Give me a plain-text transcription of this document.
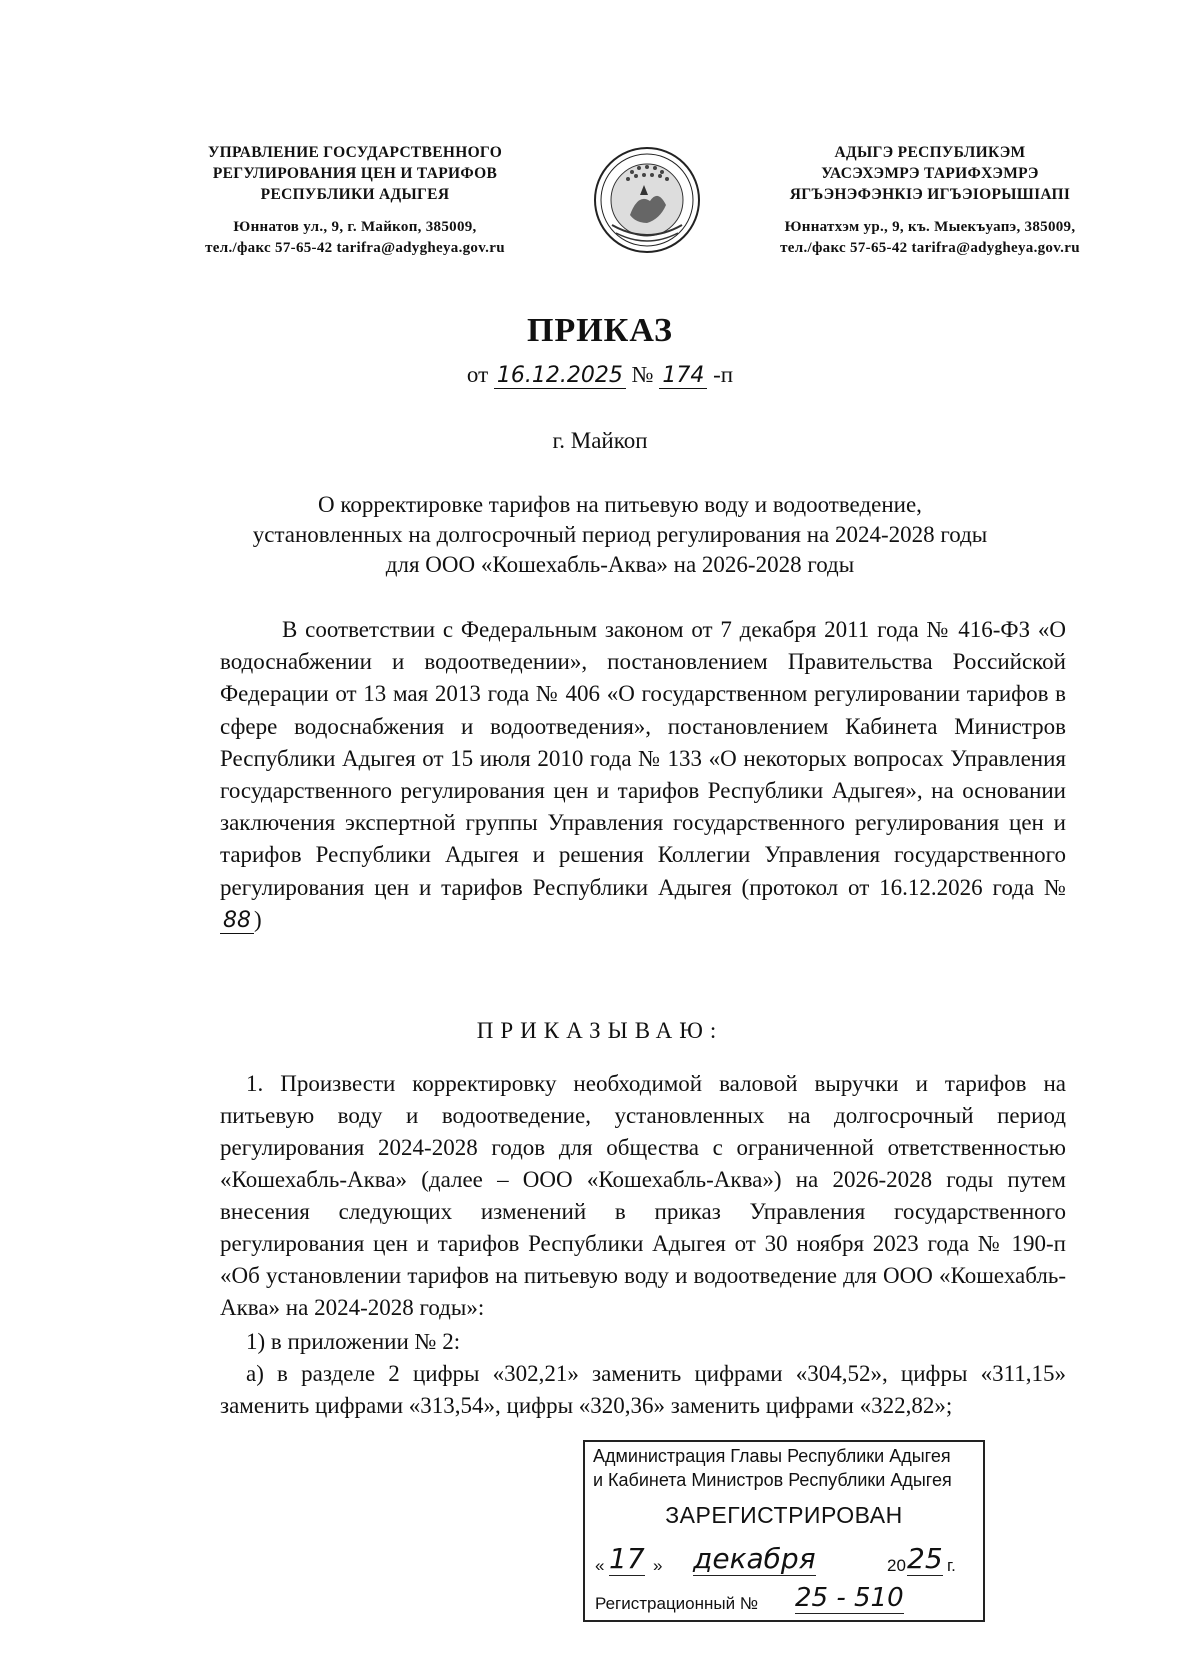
УПРАВЛЕНИЕ ГОСУДАРСТВЕННОГО
РЕГУЛИРОВАНИЯ ЦЕН И ТАРИФОВ
РЕСПУБЛИКИ АДЫГЕЯ
Юннатов ул., 9, г. Майкоп, 385009,
тел./факс 57-65-42 tarifra@adygheya.gov.ru
АДЫГЭ РЕСПУБЛИКЭМ
УАСЭХЭМРЭ ТАРИФХЭМРЭ
ЯГЪЭНЭФЭНКIЭ ИГЪЭIОРЫШIАПI
Юннатхэм ур., 9, къ. Мыекъуапэ, 385009,
тел./факс 57-65-42 tarifra@adygheya.gov.ru
ПРИКАЗ
от 16.12.2025 № 174 -п
г. Майкоп
О корректировке тарифов на питьевую воду и водоотведение,
установленных на долгосрочный период регулирования на 2024-2028 годы
для ООО «Кошехабль-Аква» на 2026-2028 годы
В соответствии с Федеральным законом от 7 декабря 2011 года № 416-ФЗ «О водоснабжении и водоотведении», постановлением Правительства Российской Федерации от 13 мая 2013 года № 406 «О государственном регулировании тарифов в сфере водоснабжения и водоотведения», постановлением Кабинета Министров Республики Адыгея от 15 июля 2010 года № 133 «О некоторых вопросах Управления государственного регулирования цен и тарифов Республики Адыгея», на основании заключения экспертной группы Управления государственного регулирования цен и тарифов Республики Адыгея и решения Коллегии Управления государственного регулирования цен и тарифов Республики Адыгея (протокол от 16.12.2026 года № 88 )
ПРИКАЗЫВАЮ:
1. Произвести корректировку необходимой валовой выручки и тарифов на питьевую воду и водоотведение, установленных на долгосрочный период регулирования 2024-2028 годов для общества с ограниченной ответственностью «Кошехабль-Аква» (далее – ООО «Кошехабль-Аква») на 2026-2028 годы путем внесения следующих изменений в приказ Управления государственного регулирования цен и тарифов Республики Адыгея от 30 ноября 2023 года № 190-п «Об установлении тарифов на питьевую воду и водоотведение для ООО «Кошехабль-Аква» на 2024-2028 годы»:
1) в приложении № 2:
а) в разделе 2 цифры «302,21» заменить цифрами «304,52», цифры «311,15» заменить цифрами «313,54», цифры «320,36» заменить цифрами «322,82»;
Администрация Главы Республики Адыгея
и Кабинета Министров Республики Адыгея
ЗАРЕГИСТРИРОВАН
« 17 » декабря	20 25 г.
Регистрационный № 25 - 510
